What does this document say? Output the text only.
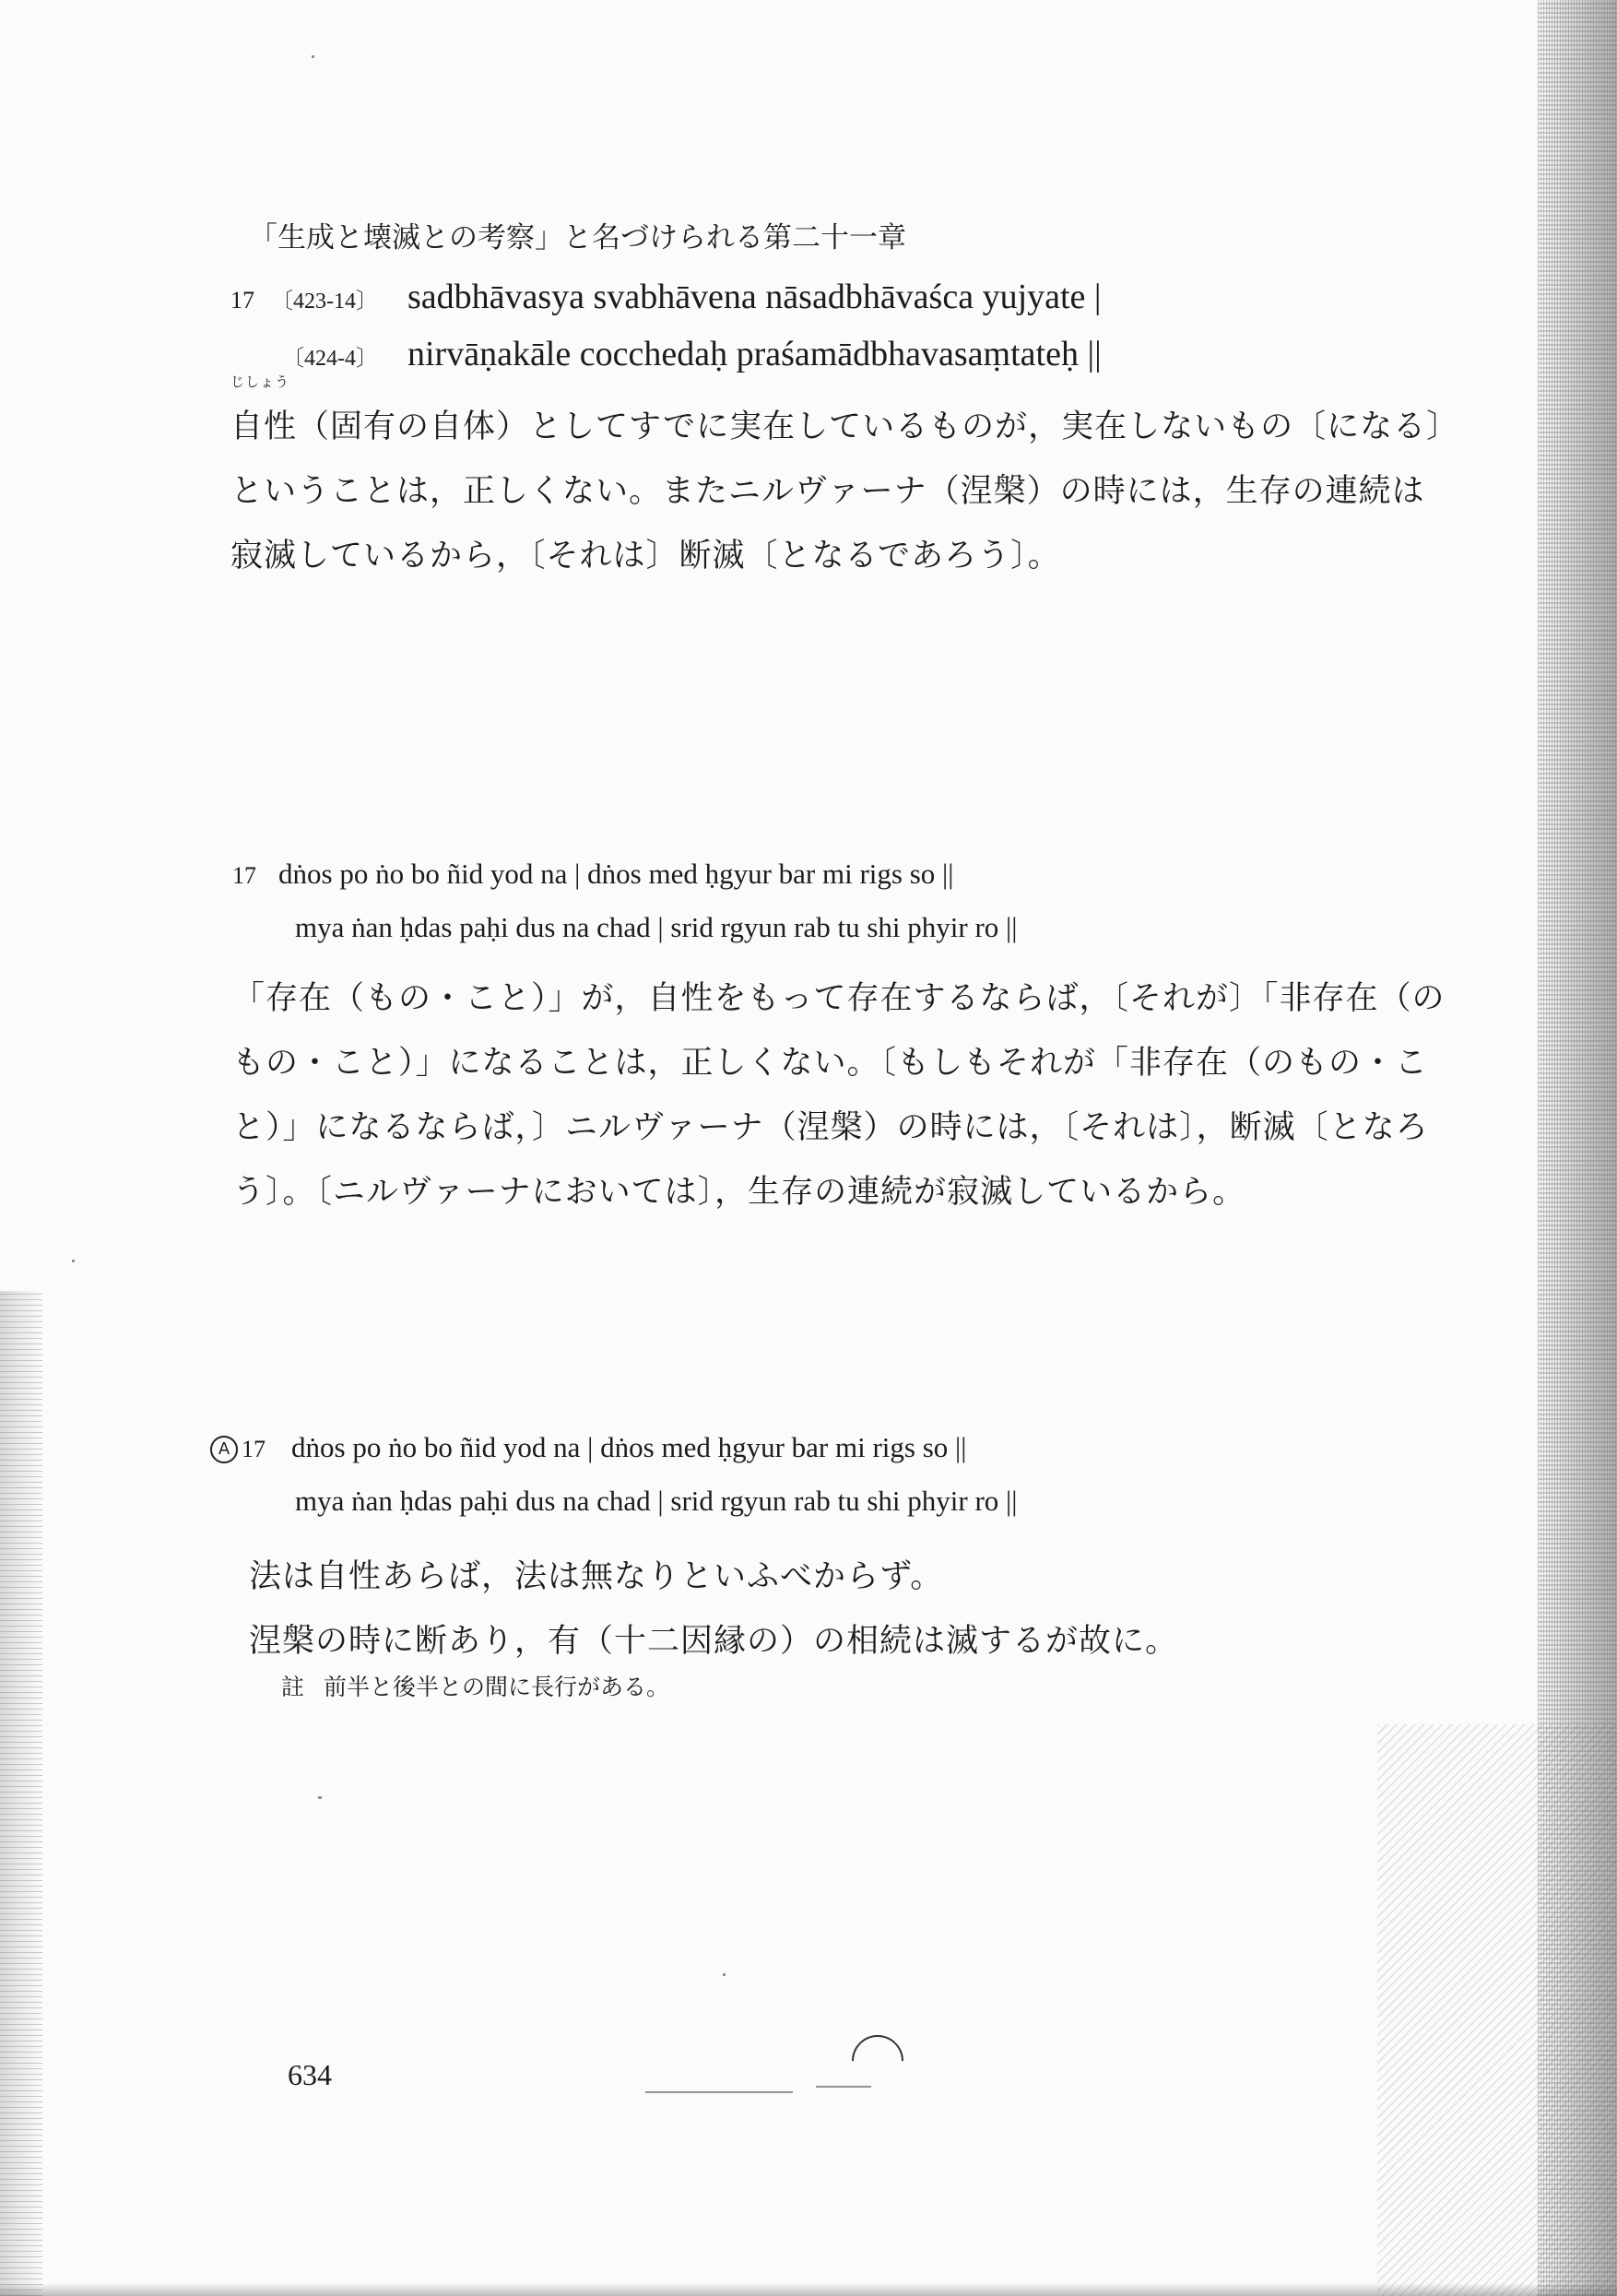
「生成と壊滅との考察」と名づけられる第二十一章
17 〔423-14〕 sadbhāvasya svabhāvena nāsadbhāvaśca yujyate |
〔424-4〕 nirvāṇakāle cocchedaḥ praśamādbhavasaṃtateḥ ||
じしょう
自性（固有の自体）としてすでに実在しているものが，実在しないもの〔になる〕
ということは，正しくない。またニルヴァーナ（涅槃）の時には，生存の連続は
寂滅しているから，〔それは〕断滅〔となるであろう〕。
17 dṅos po ṅo bo ñid yod na | dṅos med ḥgyur bar mi rigs so ||
mya ṅan ḥdas paḥi dus na chad | srid rgyun rab tu shi phyir ro ||
「存在（もの・こと）」が，自性をもって存在するならば，〔それが〕「非存在（の
もの・こと）」になることは，正しくない。〔もしもそれが「非存在（のもの・こ
と）」になるならば，〕ニルヴァーナ（涅槃）の時には，〔それは〕，断滅〔となろ
う〕。〔ニルヴァーナにおいては〕，生存の連続が寂滅しているから。
A 17 dṅos po ṅo bo ñid yod na | dṅos med ḥgyur bar mi rigs so ||
mya ṅan ḥdas paḥi dus na chad | srid rgyun rab tu shi phyir ro ||
法は自性あらば，法は無なりといふべからず。
涅槃の時に断あり，有（十二因縁の）の相続は滅するが故に。
註 前半と後半との間に長行がある。
634
